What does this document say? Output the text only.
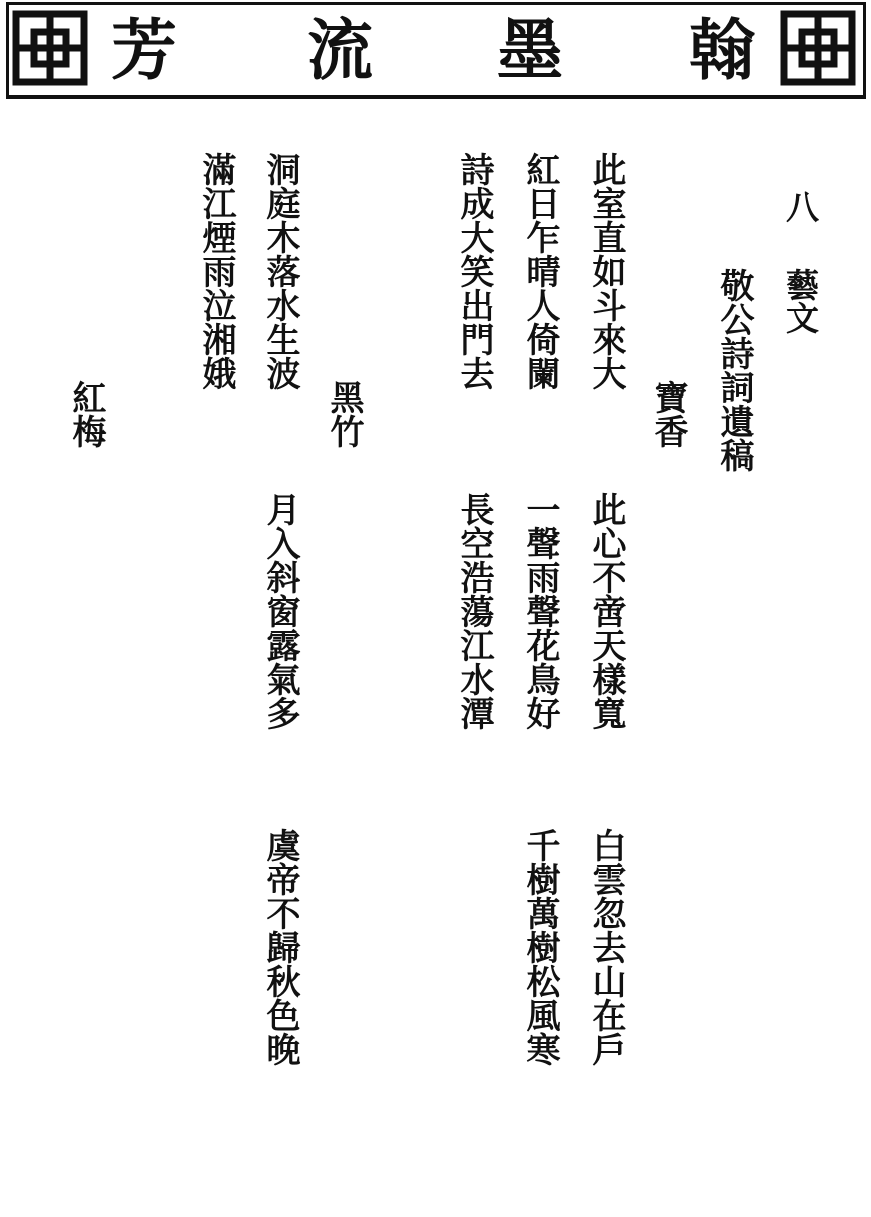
芳 流 墨 翰
八
藝文
敬公詩詞遺稿
寶香
此室直如斗來大
紅日乍晴人倚闌
詩成大笑出門去
此心不啻天樣寬
一聲雨聲花鳥好
長空浩蕩江水潭
白雲忽去山在戶
千樹萬樹松風寒
黑竹
洞庭木落水生波
滿江煙雨泣湘娥
月入斜窗露氣多
虞帝不歸秋色晚
紅梅
